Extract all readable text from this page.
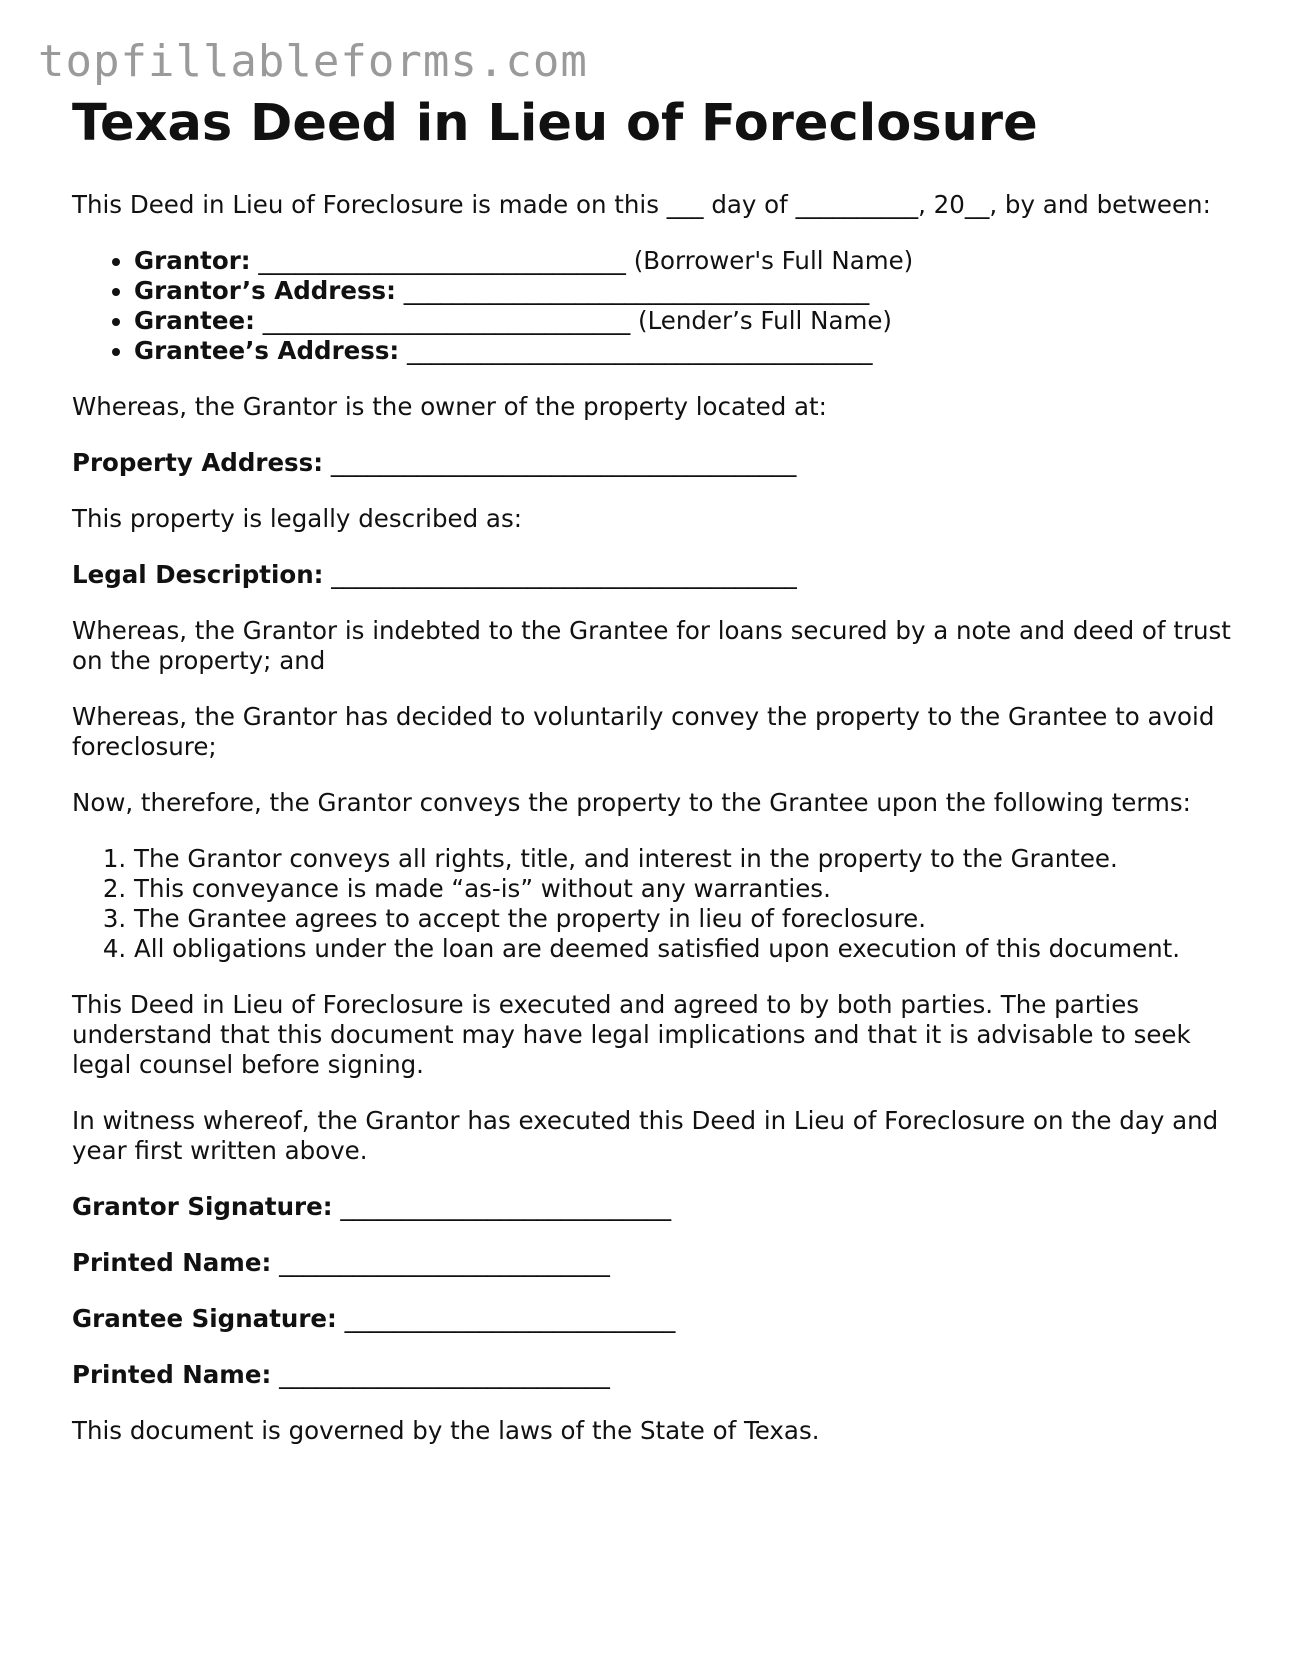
topfillableforms.com
Texas Deed in Lieu of Foreclosure

This Deed in Lieu of Foreclosure is made on this ___ day of __________, 20__, by and between:

• Grantor: ______________________________ (Borrower's Full Name)
• Grantor’s Address: ______________________________________
• Grantee: ______________________________ (Lender’s Full Name)
• Grantee’s Address: ______________________________________

Whereas, the Grantor is the owner of the property located at:

Property Address: ______________________________________

This property is legally described as:

Legal Description: ______________________________________

Whereas, the Grantor is indebted to the Grantee for loans secured by a note and deed of trust on the property; and

Whereas, the Grantor has decided to voluntarily convey the property to the Grantee to avoid foreclosure;

Now, therefore, the Grantor conveys the property to the Grantee upon the following terms:

1. The Grantor conveys all rights, title, and interest in the property to the Grantee.
2. This conveyance is made “as-is” without any warranties.
3. The Grantee agrees to accept the property in lieu of foreclosure.
4. All obligations under the loan are deemed satisfied upon execution of this document.

This Deed in Lieu of Foreclosure is executed and agreed to by both parties. The parties understand that this document may have legal implications and that it is advisable to seek legal counsel before signing.

In witness whereof, the Grantor has executed this Deed in Lieu of Foreclosure on the day and year first written above.

Grantor Signature: ___________________________

Printed Name: ___________________________

Grantee Signature: ___________________________

Printed Name: ___________________________

This document is governed by the laws of the State of Texas.
